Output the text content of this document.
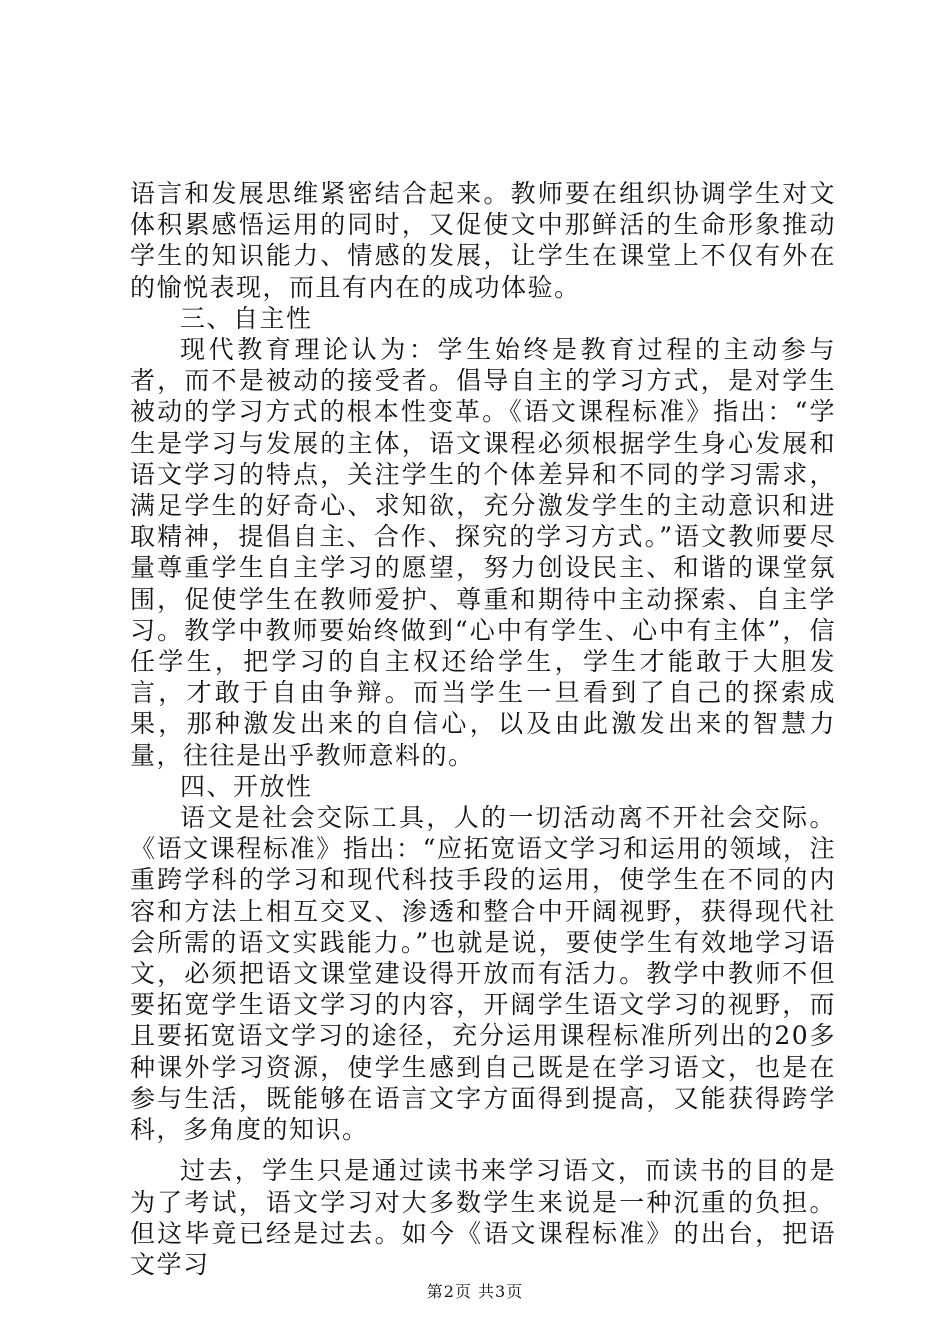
语言和发展思维紧密结合起来。教师要在组织协调学生对文体积累感悟运用的同时，又促使文中那鲜活的生命形象推动学生的知识能力、情感的发展，让学生在课堂上不仅有外在的愉悦表现，而且有内在的成功体验。

三、自主性

现代教育理论认为：学生始终是教育过程的主动参与者，而不是被动的接受者。倡导自主的学习方式，是对学生被动的学习方式的根本性变革。《语文课程标准》指出：“学生是学习与发展的主体，语文课程必须根据学生身心发展和语文学习的特点，关注学生的个体差异和不同的学习需求，满足学生的好奇心、求知欲，充分激发学生的主动意识和进取精神，提倡自主、合作、探究的学习方式。”语文教师要尽量尊重学生自主学习的愿望，努力创设民主、和谐的课堂氛围，促使学生在教师爱护、尊重和期待中主动探索、自主学习。教学中教师要始终做到“心中有学生、心中有主体”，信任学生，把学习的自主权还给学生，学生才能敢于大胆发言，才敢于自由争辩。而当学生一旦看到了自己的探索成果，那种激发出来的自信心，以及由此激发出来的智慧力量，往往是出乎教师意料的。

四、开放性

语文是社会交际工具，人的一切活动离不开社会交际。《语文课程标准》指出：“应拓宽语文学习和运用的领域，注重跨学科的学习和现代科技手段的运用，使学生在不同的内容和方法上相互交叉、渗透和整合中开阔视野，获得现代社会所需的语文实践能力。”也就是说，要使学生有效地学习语文，必须把语文课堂建设得开放而有活力。教学中教师不但要拓宽学生语文学习的内容，开阔学生语文学习的视野，而且要拓宽语文学习的途径，充分运用课程标准所列出的20多种课外学习资源，使学生感到自己既是在学习语文，也是在参与生活，既能够在语言文字方面得到提高，又能获得跨学科，多角度的知识。

过去，学生只是通过读书来学习语文，而读书的目的是为了考试，语文学习对大多数学生来说是一种沉重的负担。但这毕竟已经是过去。如今《语文课程标准》的出台，把语文学习

第2页 共3页
